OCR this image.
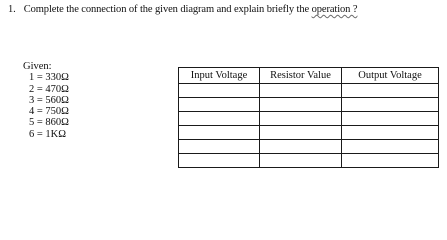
1. Complete the connection of the given diagram and explain briefly the operation ?
Given:
1 = 330Ω
2 = 470Ω
3 = 560Ω
4 = 750Ω
5 = 860Ω
6 = 1KΩ
Input Voltage	Resistor Value	Output Voltage
